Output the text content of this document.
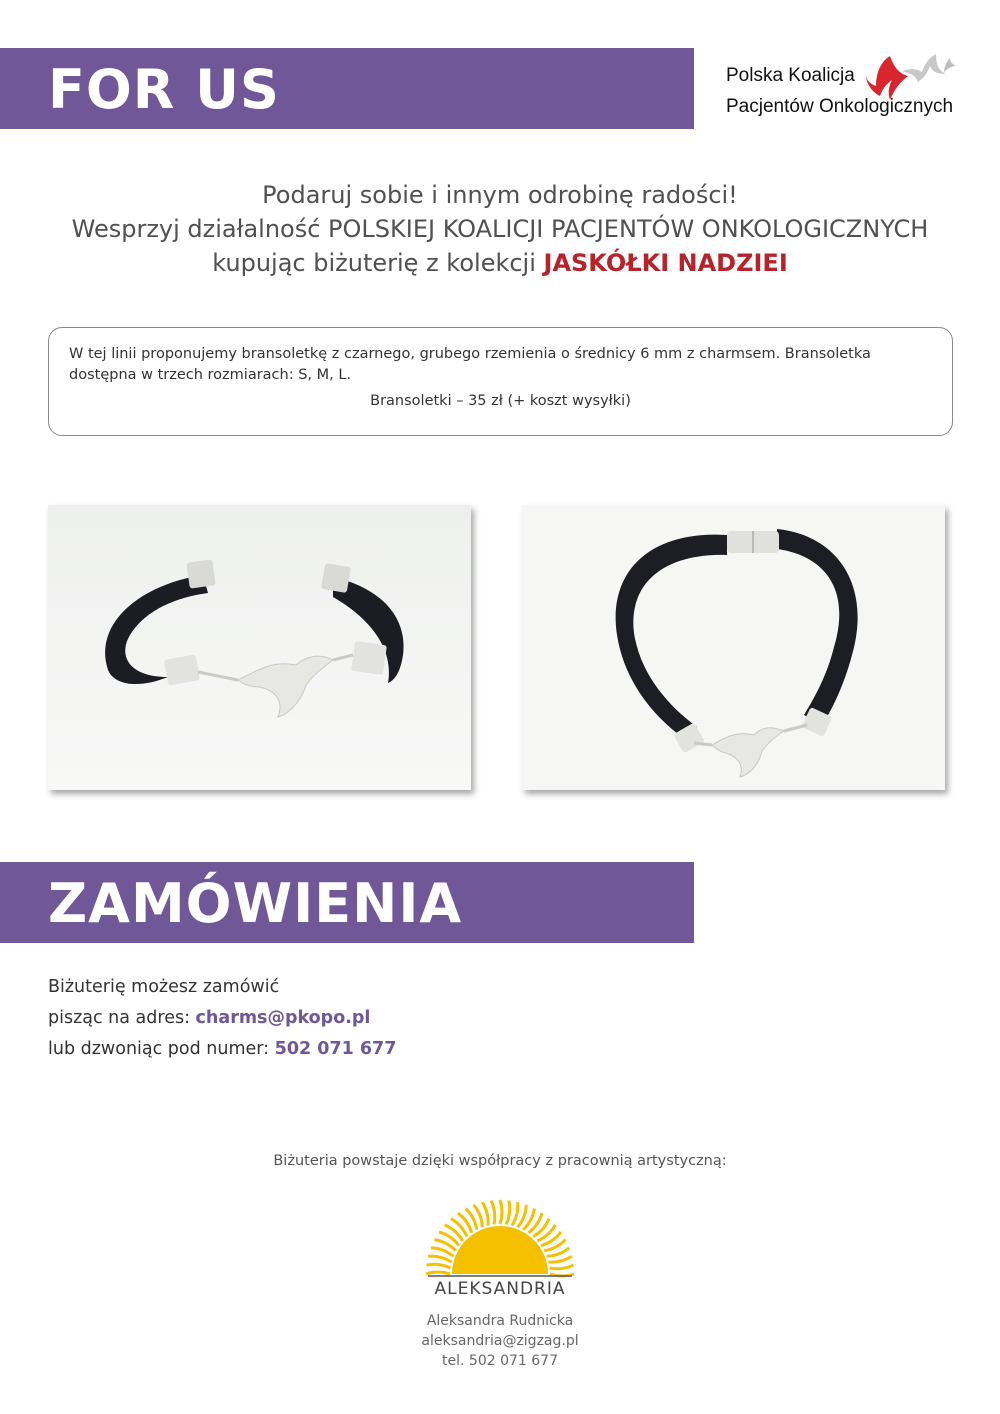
FOR US	Polska Koalicja
Pacjentów Onkologicznych
Podaruj sobie i innym odrobinę radości!
Wesprzyj działalność POLSKIEJ KOALICJI PACJENTÓW ONKOLOGICZNYCH
kupując biżuterię z kolekcji JASKÓŁKI NADZIEI
W tej linii proponujemy bransoletkę z czarnego, grubego rzemienia o średnicy 6 mm z charmsem. Bransoletka dostępna w trzech rozmiarach: S, M, L.
Bransoletki – 35 zł (+ koszt wysyłki)
ZAMÓWIENIA
Biżuterię możesz zamówić
pisząc na adres: charms@pkopo.pl
lub dzwoniąc pod numer: 502 071 677
Biżuteria powstaje dzięki współpracy z pracownią artystyczną:
ALEKSANDRIA
Aleksandra Rudnicka
aleksandria@zigzag.pl
tel. 502 071 677
